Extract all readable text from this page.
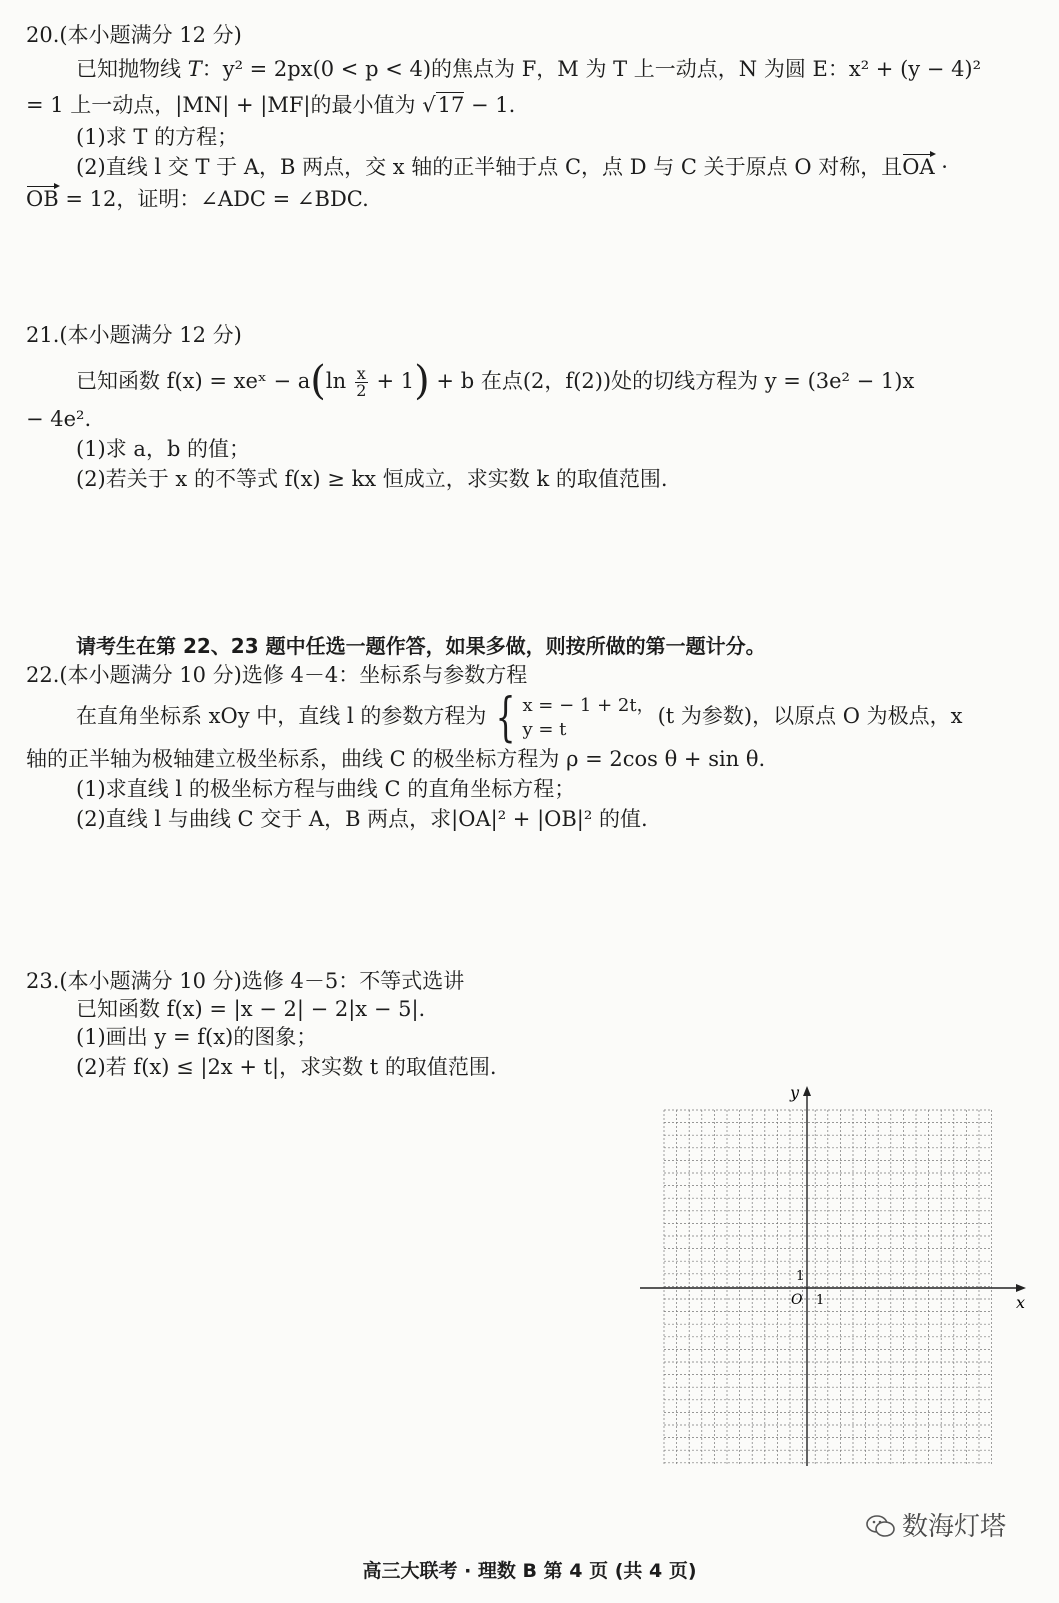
20.(本小题满分 12 分)
已知抛物线 T：y² = 2px(0 < p < 4)的焦点为 F，M 为 T 上一动点，N 为圆 E：x² + (y − 4)²
= 1 上一动点，|MN| + |MF|的最小值为 √17 − 1.
(1)求 T 的方程；
(2)直线 l 交 T 于 A，B 两点，交 x 轴的正半轴于点 C，点 D 与 C 关于原点 O 对称，且OA ·
OB = 12，证明：∠ADC = ∠BDC.
21.(本小题满分 12 分)
已知函数 f(x) = xeˣ − $a(\ln \frac{x}{2} + 1) + b$ 在点(2，f(2))处的切线方程为 y = (3e² − 1)x
− 4e².
(1)求 a，b 的值；
(2)若关于 x 的不等式 f(x) ≥ kx 恒成立，求实数 k 的取值范围.
请考生在第 22、23 题中任选一题作答，如果多做，则按所做的第一题计分。
22.(本小题满分 10 分)选修 4－4：坐标系与参数方程
在直角坐标系 xOy 中，直线 l 的参数方程为 { x = − 1 + 2t，
y = t
(t 为参数)，以原点 O 为极点，x
轴的正半轴为极轴建立极坐标系，曲线 C 的极坐标方程为 ρ = 2cos θ + sin θ.
(1)求直线 l 的极坐标方程与曲线 C 的直角坐标方程；
(2)直线 l 与曲线 C 交于 A，B 两点，求|OA|² + |OB|² 的值.
23.(本小题满分 10 分)选修 4－5：不等式选讲
已知函数 f(x) = |x − 2| − 2|x − 5|.
(1)画出 y = f(x)的图象；
(2)若 f(x) ≤ |2x + t|，求实数 t 的取值范围.
y
x
O 1
1
数海灯塔
高三大联考 · 理数 B 第 4 页 (共 4 页)
